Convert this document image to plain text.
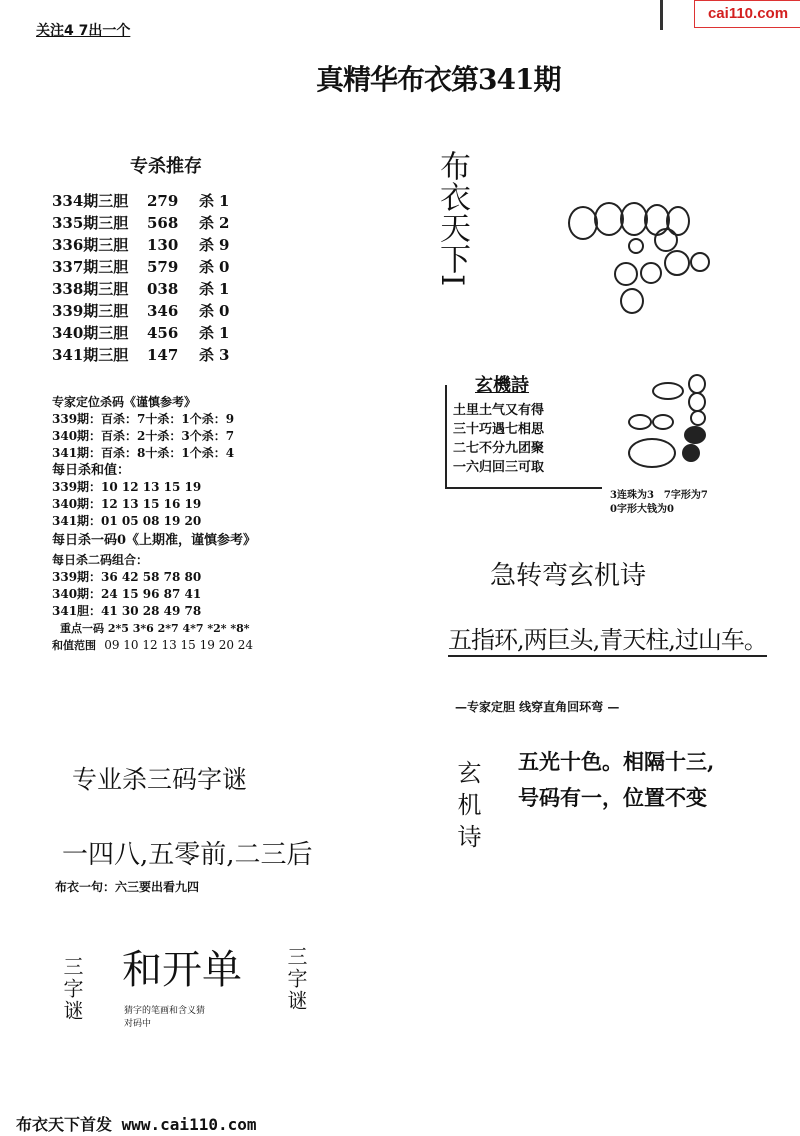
关注4 7出一个
cai110.com
真精华布衣第341期
专杀推存
334期三胆 279 杀 1
335期三胆 568 杀 2
336期三胆 130 杀 9
337期三胆 579 杀 0
338期三胆 038 杀 1
339期三胆 346 杀 0
340期三胆 456 杀 1
341期三胆 147 杀 3
专家定位杀码《谨慎参考》
339期：百杀：7十杀：1个杀：9
340期：百杀：2十杀：3个杀：7
341期：百杀：8十杀：1个杀：4
每日杀和值：
339期：10 12 13 15 19
340期：12 13 15 16 19
341期：01 05 08 19 20
每日杀一码0《上期准，谨慎参考》
每日杀二码组合：
339期：36 42 58 78 80
340期：24 15 96 87 41
341胆：41 30 28 49 78
重点一码 2*5 3*6 2*7 4*7 *2* *8*
和值范围 09 10 12 13 15 19 20 24
专业杀三码字谜
一四八,五零前,二三后
布衣一句：六三要出看九四
三字谜 和开单 三字谜
猜字的笔画和含义猜
对码中
布衣天下I
玄機詩
土里土气又有得
三十巧遇七相思
二七不分九团聚
一六归回三可取
3连珠为3　7字形为7
0字形大钱为0
急转弯玄机诗
五指环,两巨头,青天柱,过山车。
—专家定胆 线穿直角回环弯 —
玄机诗 五光十色。相隔十三,
号码有一，位置不变
布衣天下首发 www.cai110.com
